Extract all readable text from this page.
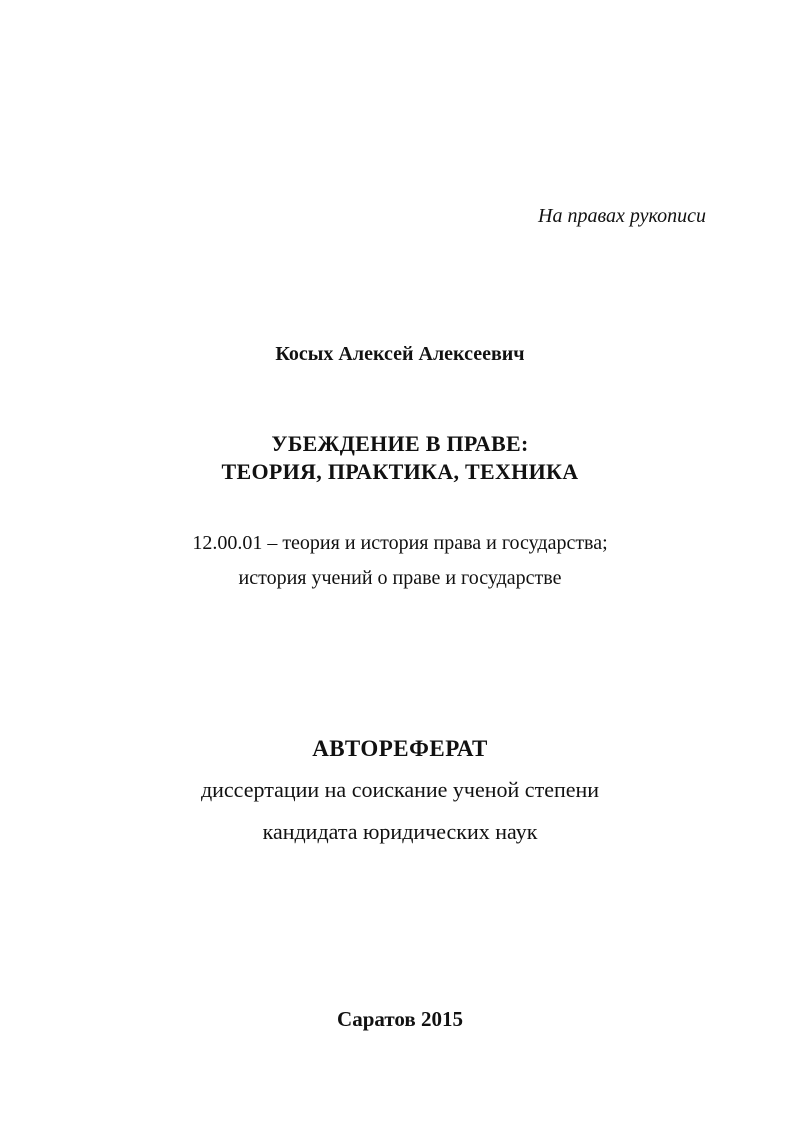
На правах рукописи
Косых Алексей Алексеевич
УБЕЖДЕНИЕ В ПРАВЕ:
ТЕОРИЯ, ПРАКТИКА, ТЕХНИКА
12.00.01 – теория и история права и государства;
история учений о праве и государстве
АВТОРЕФЕРАТ
диссертации на соискание ученой степени
кандидата юридических наук
Саратов 2015
